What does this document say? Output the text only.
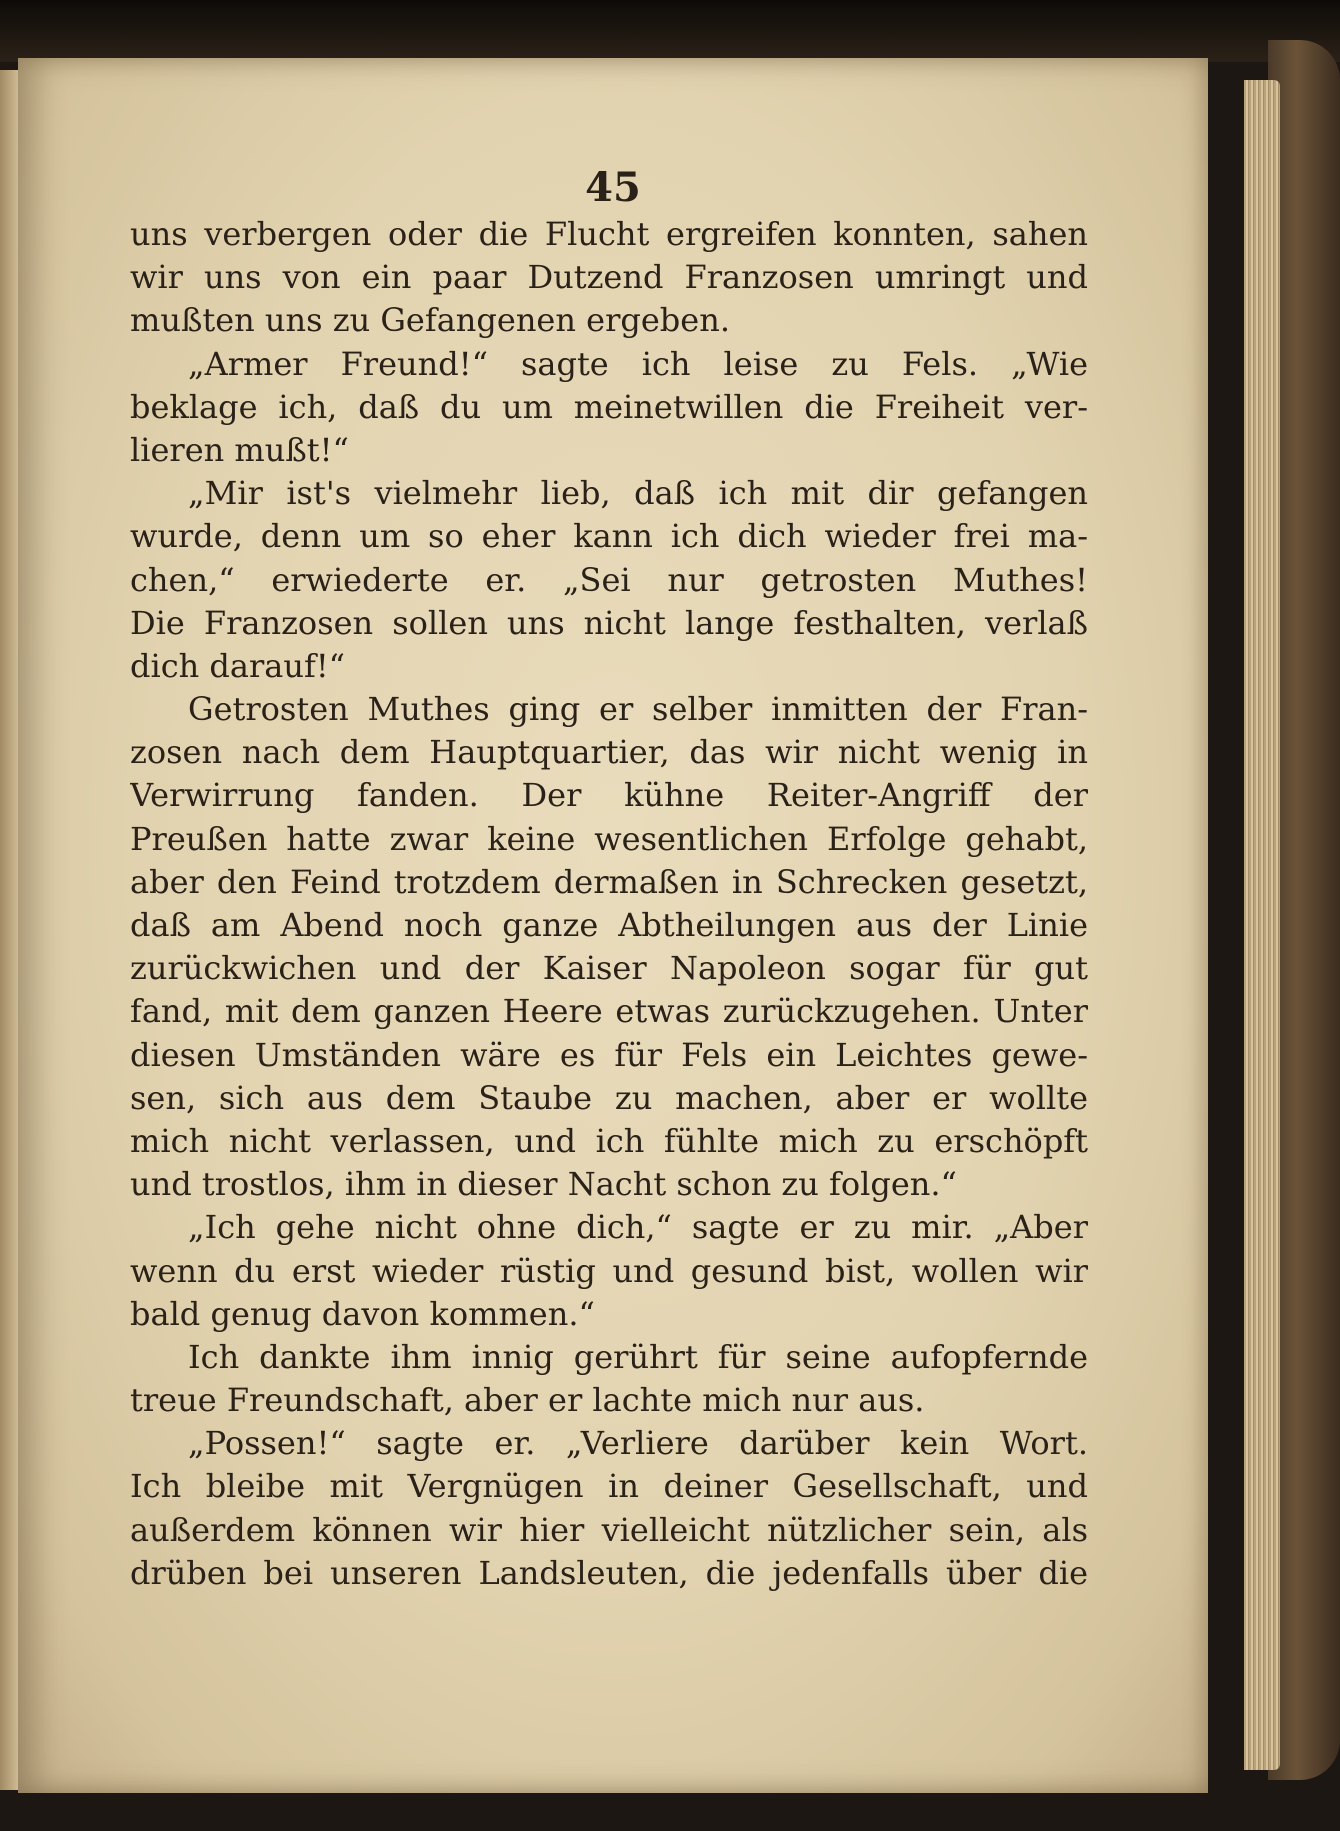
45
uns verbergen oder die Flucht ergreifen konnten, sahen
wir uns von ein paar Dutzend Franzosen umringt und
mußten uns zu Gefangenen ergeben.
„Armer Freund!“ sagte ich leise zu Fels. „Wie
beklage ich, daß du um meinetwillen die Freiheit ver-
lieren mußt!“
„Mir ist's vielmehr lieb, daß ich mit dir gefangen
wurde, denn um so eher kann ich dich wieder frei ma-
chen,“ erwiederte er. „Sei nur getrosten Muthes!
Die Franzosen sollen uns nicht lange festhalten, verlaß
dich darauf!“
Getrosten Muthes ging er selber inmitten der Fran-
zosen nach dem Hauptquartier, das wir nicht wenig in
Verwirrung fanden. Der kühne Reiter-Angriff der
Preußen hatte zwar keine wesentlichen Erfolge gehabt,
aber den Feind trotzdem dermaßen in Schrecken gesetzt,
daß am Abend noch ganze Abtheilungen aus der Linie
zurückwichen und der Kaiser Napoleon sogar für gut
fand, mit dem ganzen Heere etwas zurückzugehen. Unter
diesen Umständen wäre es für Fels ein Leichtes gewe-
sen, sich aus dem Staube zu machen, aber er wollte
mich nicht verlassen, und ich fühlte mich zu erschöpft
und trostlos, ihm in dieser Nacht schon zu folgen.“
„Ich gehe nicht ohne dich,“ sagte er zu mir. „Aber
wenn du erst wieder rüstig und gesund bist, wollen wir
bald genug davon kommen.“
Ich dankte ihm innig gerührt für seine aufopfernde
treue Freundschaft, aber er lachte mich nur aus.
„Possen!“ sagte er. „Verliere darüber kein Wort.
Ich bleibe mit Vergnügen in deiner Gesellschaft, und
außerdem können wir hier vielleicht nützlicher sein, als
drüben bei unseren Landsleuten, die jedenfalls über die
